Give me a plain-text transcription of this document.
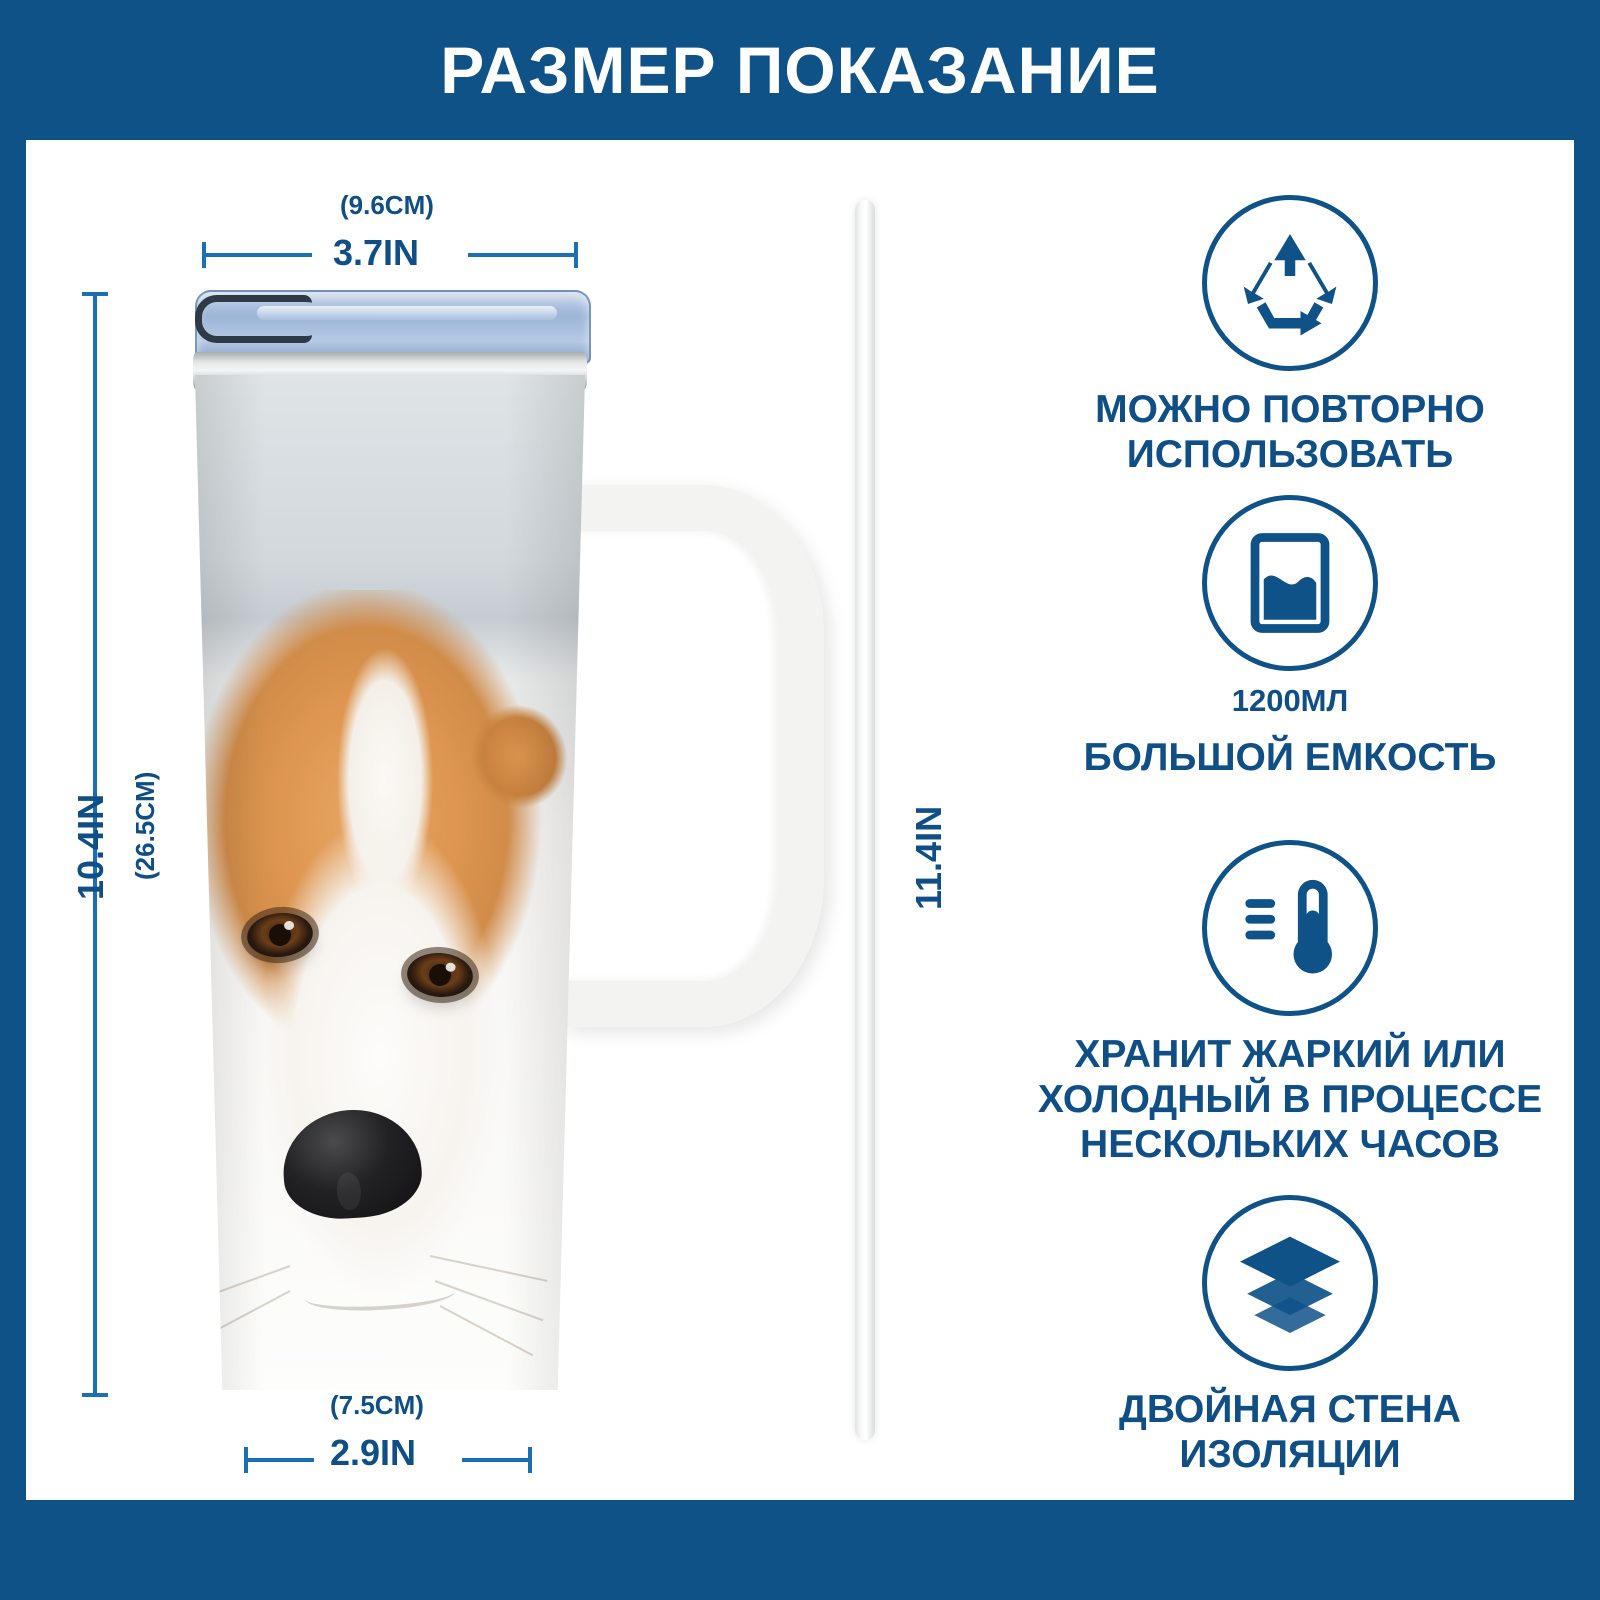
РАЗМЕР ПОКАЗАНИЕ
(9.6CM)
3.7IN
10.4IN (26.5CM)
(7.5CM)
2.9IN
11.4IN
МОЖНО ПОВТОРНО
ИСПОЛЬЗОВАТЬ
1200МЛ
БОЛЬШОЙ ЕМКОСТЬ
ХРАНИТ ЖАРКИЙ ИЛИ
ХОЛОДНЫЙ В ПРОЦЕССЕ
НЕСКОЛЬКИХ ЧАСОВ
ДВОЙНАЯ СТЕНА
ИЗОЛЯЦИИ
